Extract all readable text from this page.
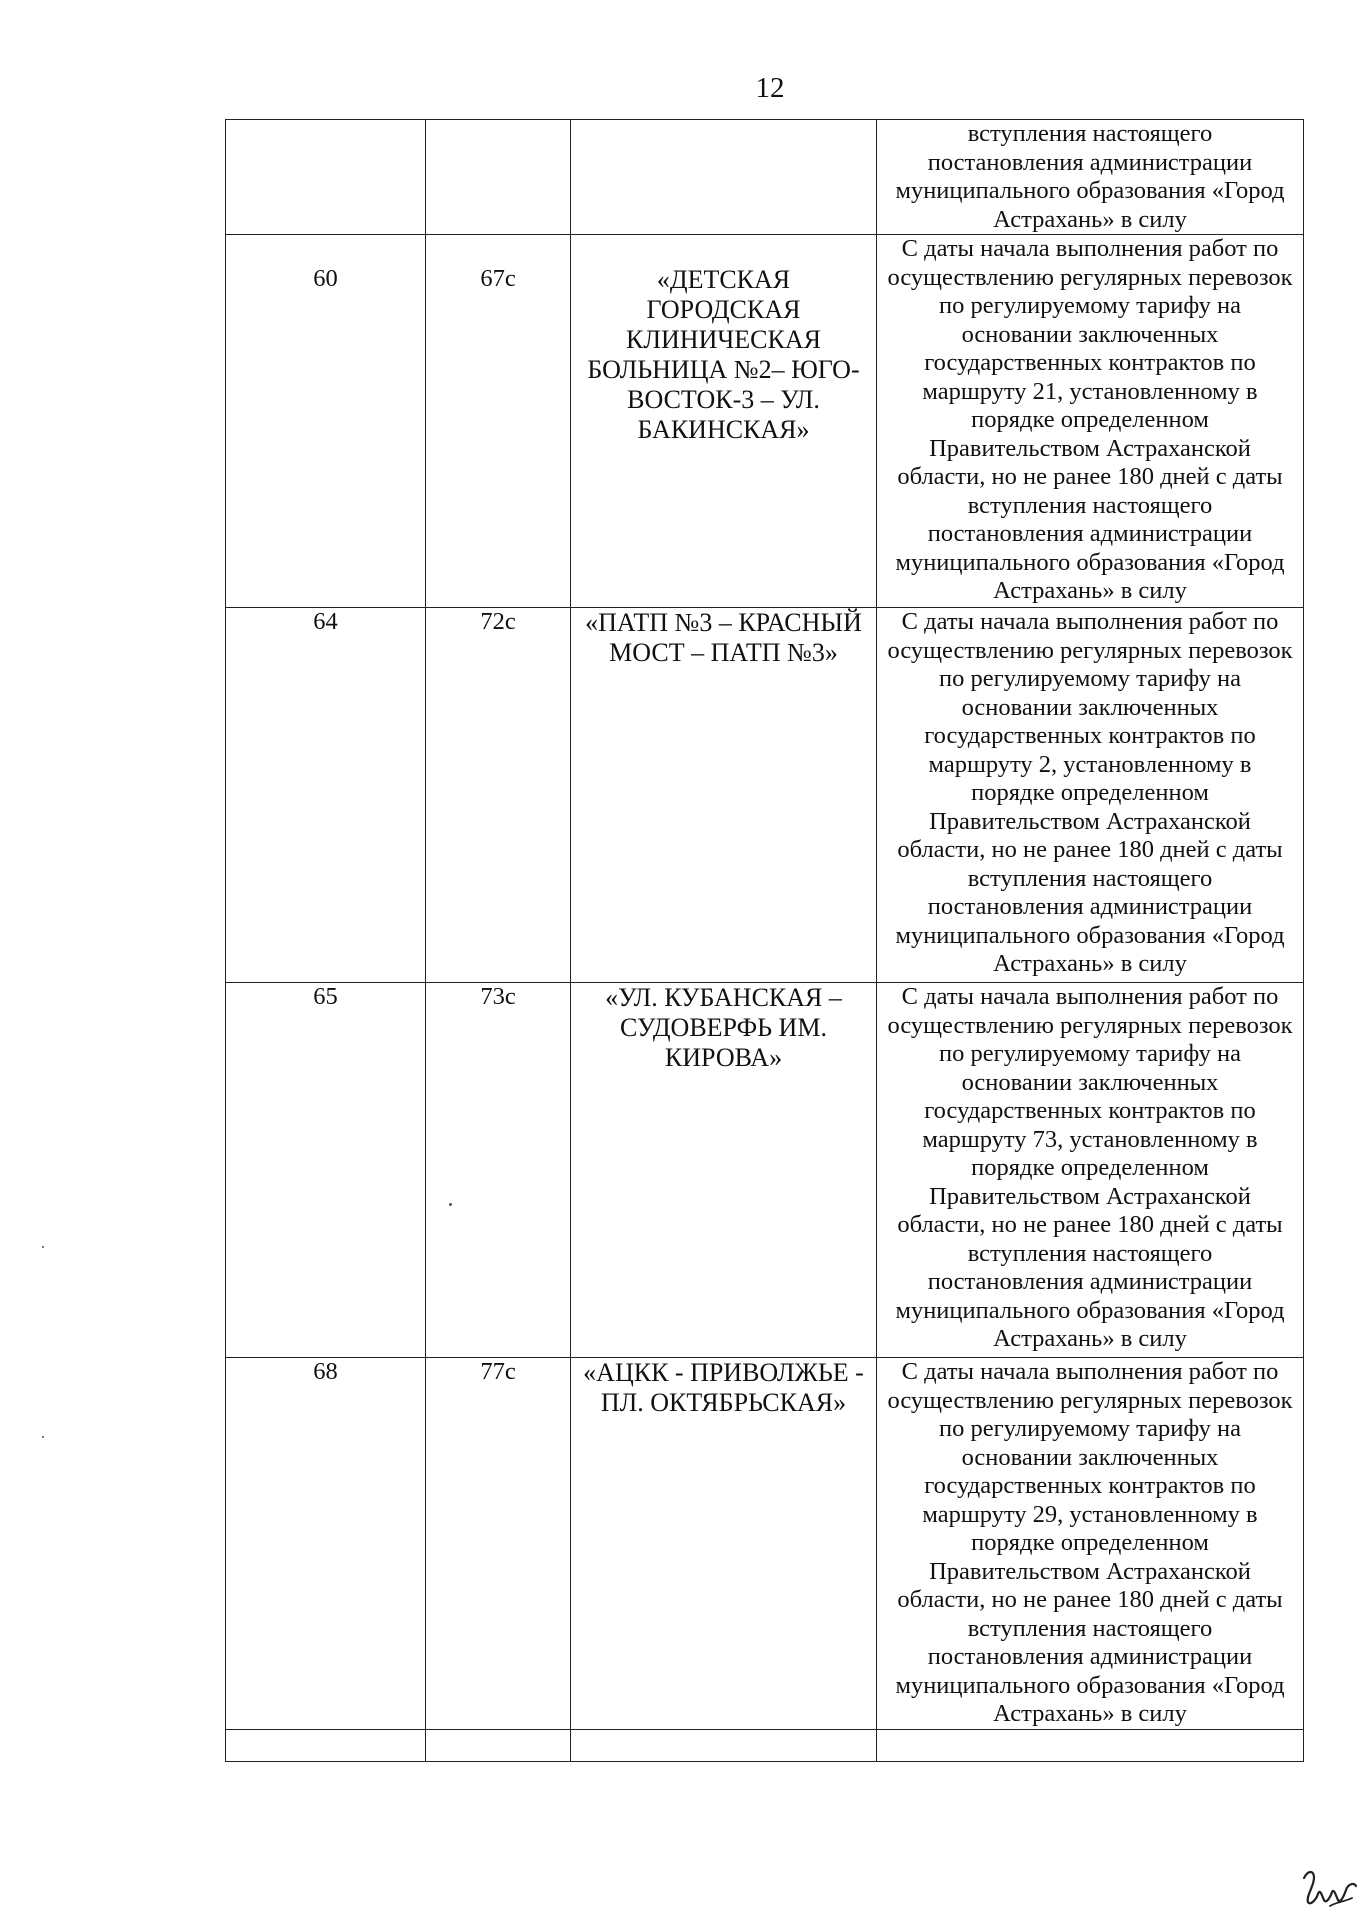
12

			вступления настоящего постановления администрации муниципального образования «Город Астрахань» в силу

60	67с	«ДЕТСКАЯ ГОРОДСКАЯ КЛИНИЧЕСКАЯ БОЛЬНИЦА №2– ЮГО-ВОСТОК-3 – УЛ. БАКИНСКАЯ»	С даты начала выполнения работ по осуществлению регулярных перевозок по регулируемому тарифу на основании заключенных государственных контрактов по маршруту 21, установленному в порядке определенном Правительством Астраханской области, но не ранее 180 дней с даты вступления настоящего постановления администрации муниципального образования «Город Астрахань» в силу

64	72с	«ПАТП №3 – КРАСНЫЙ МОСТ – ПАТП №3»	С даты начала выполнения работ по осуществлению регулярных перевозок по регулируемому тарифу на основании заключенных государственных контрактов по маршруту 2, установленному в порядке определенном Правительством Астраханской области, но не ранее 180 дней с даты вступления настоящего постановления администрации муниципального образования «Город Астрахань» в силу

65	73с	«УЛ. КУБАНСКАЯ – СУДОВЕРФЬ ИМ. КИРОВА»	С даты начала выполнения работ по осуществлению регулярных перевозок по регулируемому тарифу на основании заключенных государственных контрактов по маршруту 73, установленному в порядке определенном Правительством Астраханской области, но не ранее 180 дней с даты вступления настоящего постановления администрации муниципального образования «Город Астрахань» в силу

68	77с	«АЦКК - ПРИВОЛЖЬЕ - ПЛ. ОКТЯБРЬСКАЯ»	С даты начала выполнения работ по осуществлению регулярных перевозок по регулируемому тарифу на основании заключенных государственных контрактов по маршруту 29, установленному в порядке определенном Правительством Астраханской области, но не ранее 180 дней с даты вступления настоящего постановления администрации муниципального образования «Город Астрахань» в силу
